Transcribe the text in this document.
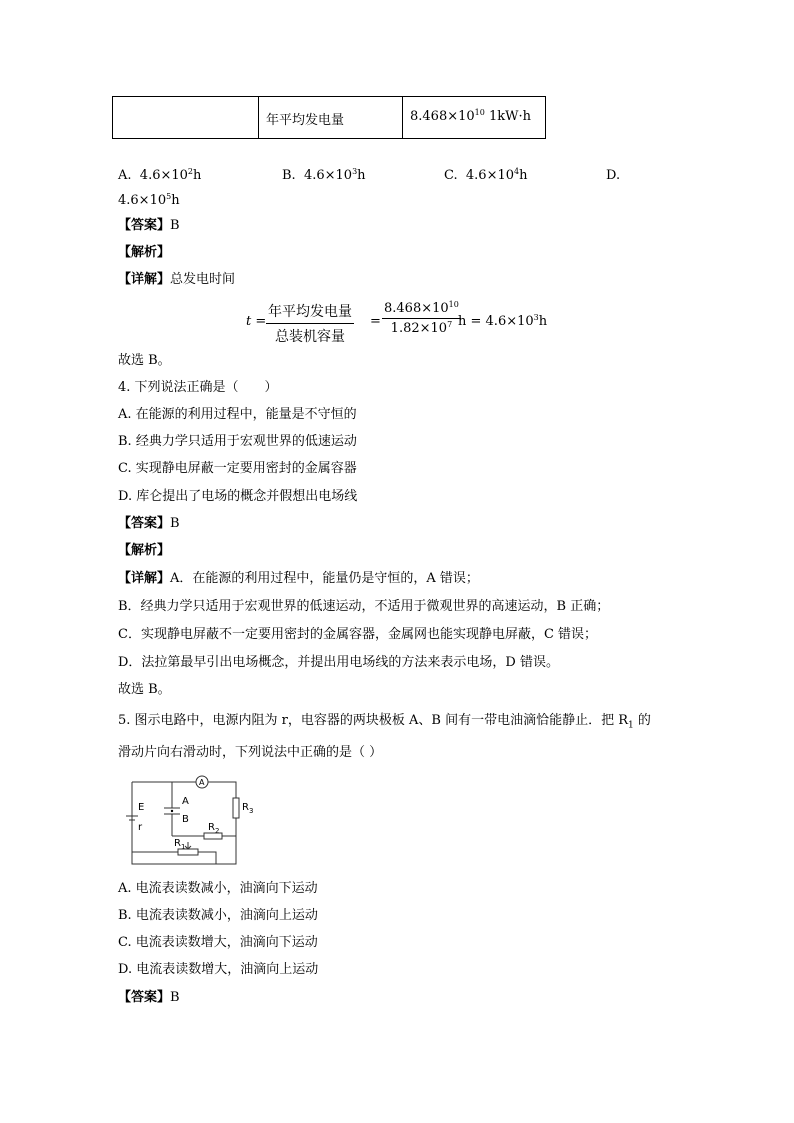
年平均发电量	$8.468\times 10^{10}$ 1kW·h
A. $4.6\times 10^2h$	B. $4.6\times 10^3h$	C. $4.6\times 10^4h$	D.
$4.6\times 10^5h$
【答案】B
【解析】
【详解】总发电时间
t =
年平均发电量
总装机容量
= $\frac{8.468\times 10^{10}}{1.82\times 10^7}$
$h = 4.6\times 10^3h$
故选 B。
4. 下列说法正确是（　　）
A. 在能源的利用过程中，能量是不守恒的
B. 经典力学只适用于宏观世界的低速运动
C. 实现静电屏蔽一定要用密封的金属容器
D. 库仑提出了电场的概念并假想出电场线
【答案】B
【解析】
【详解】A．在能源的利用过程中，能量仍是守恒的，A 错误；
B．经典力学只适用于宏观世界的低速运动，不适用于微观世界的高速运动，B 正确；
C．实现静电屏蔽不一定要用密封的金属容器，金属网也能实现静电屏蔽，C 错误；
D．法拉第最早引出电场概念，并提出用电场线的方法来表示电场，D 错误。
故选 B。
5. 图示电路中，电源内阻为 r，电容器的两块极板 A、B 间有一带电油滴恰能静止．把 $R_1$ 的
滑动片向右滑动时，下列说法中正确的是（ ）
A
E
r
A
B
$R_2$
$R_3$
$R_1$
A. 电流表读数减小，油滴向下运动
B. 电流表读数减小，油滴向上运动
C. 电流表读数增大，油滴向下运动
D. 电流表读数增大，油滴向上运动
【答案】B
